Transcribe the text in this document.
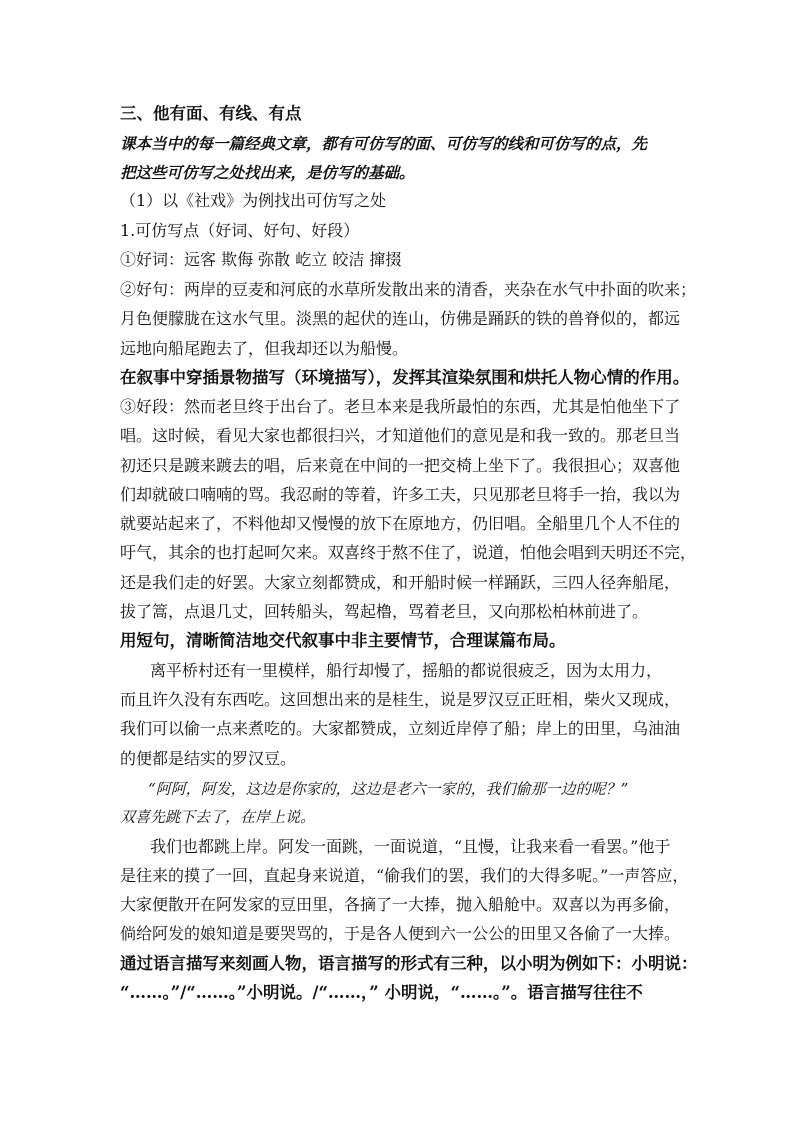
三、他有面、有线、有点
课本当中的每一篇经典文章，都有可仿写的面、可仿写的线和可仿写的点，先
把这些可仿写之处找出来，是仿写的基础。
（1）以《社戏》为例找出可仿写之处
1.可仿写点（好词、好句、好段）
①好词：远客 欺侮 弥散 屹立 皎洁 撺掇
②好句：两岸的豆麦和河底的水草所发散出来的清香，夹杂在水气中扑面的吹来；
月色便朦胧在这水气里。淡黑的起伏的连山，仿佛是踊跃的铁的兽脊似的，都远
远地向船尾跑去了，但我却还以为船慢。
在叙事中穿插景物描写（环境描写），发挥其渲染氛围和烘托人物心情的作用。
③好段：然而老旦终于出台了。老旦本来是我所最怕的东西，尤其是怕他坐下了
唱。这时候，看见大家也都很扫兴，才知道他们的意见是和我一致的。那老旦当
初还只是踱来踱去的唱，后来竟在中间的一把交椅上坐下了。我很担心；双喜他
们却就破口喃喃的骂。我忍耐的等着，许多工夫，只见那老旦将手一抬，我以为
就要站起来了，不料他却又慢慢的放下在原地方，仍旧唱。全船里几个人不住的
吁气，其余的也打起呵欠来。双喜终于熬不住了，说道，怕他会唱到天明还不完，
还是我们走的好罢。大家立刻都赞成，和开船时候一样踊跃，三四人径奔船尾，
拔了篙，点退几丈，回转船头，驾起橹，骂着老旦，又向那松柏林前进了。
用短句，清晰简洁地交代叙事中非主要情节，合理谋篇布局。
离平桥村还有一里模样，船行却慢了，摇船的都说很疲乏，因为太用力，
而且许久没有东西吃。这回想出来的是桂生，说是罗汉豆正旺相，柴火又现成，
我们可以偷一点来煮吃的。大家都赞成，立刻近岸停了船；岸上的田里，乌油油
的便都是结实的罗汉豆。
“阿阿，阿发，这边是你家的，这边是老六一家的，我们偷那一边的呢？”
双喜先跳下去了，在岸上说。
我们也都跳上岸。阿发一面跳，一面说道，“且慢，让我来看一看罢。”他于
是往来的摸了一回，直起身来说道，“偷我们的罢，我们的大得多呢。”一声答应，
大家便散开在阿发家的豆田里，各摘了一大捧，抛入船舱中。双喜以为再多偷，
倘给阿发的娘知道是要哭骂的，于是各人便到六一公公的田里又各偷了一大捧。
通过语言描写来刻画人物，语言描写的形式有三种，以小明为例如下：小明说：
“……。”/“……。”小明说。/“……，” 小明说，“……。”。语言描写往往不
